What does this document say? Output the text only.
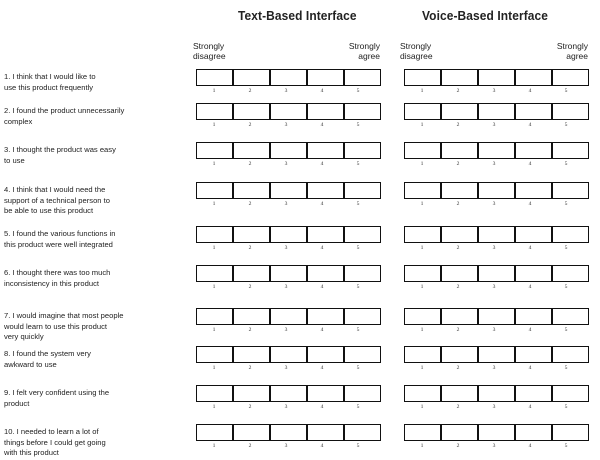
Text-Based Interface	Voice-Based Interface
Strongly
disagree
Strongly
agree
Strongly
disagree
Strongly
agree
1. I think that I would like to
use this product frequently	1	2	3	4	5	1	2	3	4	5
2. I found the product unnecessarily
complex	1	2	3	4	5	1	2	3	4	5
3. I thought the product was easy
to use	1	2	3	4	5	1	2	3	4	5
4. I think that I would need the
support of a technical person to
be able to use this product
1	2	3	4	5	1	2	3	4	5
5. I found the various functions in
this product were well integrated	1	2	3	4	5	1	2	3	4	5
6. I thought there was too much
inconsistency in this product	1	2	3	4	5	1	2	3	4	5
7. I would imagine that most people
would learn to use this product
very quickly
1	2	3	4	5	1	2	3	4	5
8. I found the system very
awkward to use	1	2	3	4	5	1	2	3	4	5
9. I felt very confident using the
product	1	2	3	4	5	1	2	3	4	5
10. I needed to learn a lot of
things before I could get going
with this product
1	2	3	4	5	1	2	3	4	5
